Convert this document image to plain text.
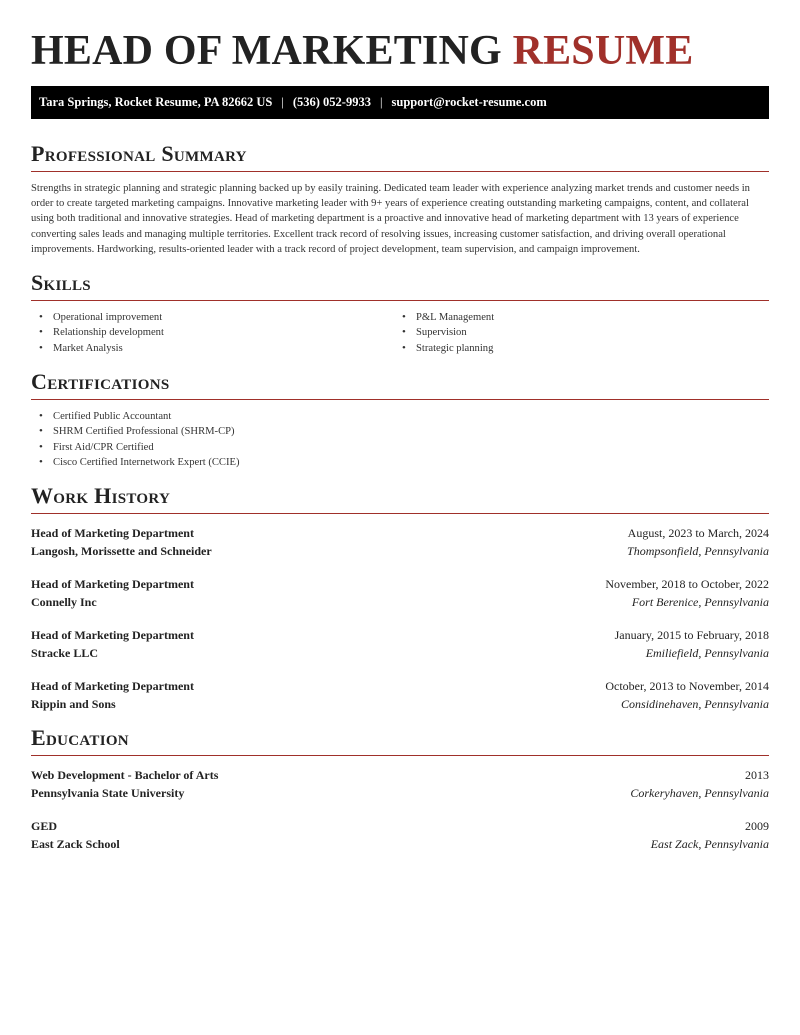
HEAD OF MARKETING RESUME
Tara Springs, Rocket Resume, PA 82662 US | (536) 052-9933 | support@rocket-resume.com
Professional Summary

Strengths in strategic planning and strategic planning backed up by easily training. Dedicated team leader with experience analyzing market trends and customer needs in order to create targeted marketing campaigns. Innovative marketing leader with 9+ years of experience creating outstanding marketing campaigns, content, and collateral using both traditional and innovative strategies. Head of marketing department is a proactive and innovative head of marketing department with 13 years of experience converting sales leads and managing multiple territories. Excellent track record of resolving issues, increasing customer satisfaction, and driving overall operational improvements. Hardworking, results-oriented leader with a track record of project development, team supervision, and campaign improvement.

Skills
• Operational improvement
• Relationship development
• Market Analysis
• P&L Management
• Supervision
• Strategic planning
Certifications
• Certified Public Accountant
• SHRM Certified Professional (SHRM-CP)
• First Aid/CPR Certified
• Cisco Certified Internetwork Expert (CCIE)
Work History
Head of Marketing Department	August, 2023 to March, 2024
Langosh, Morissette and Schneider	Thompsonfield, Pennsylvania
Head of Marketing Department	November, 2018 to October, 2022
Connelly Inc	Fort Berenice, Pennsylvania
Head of Marketing Department	January, 2015 to February, 2018
Stracke LLC	Emiliefield, Pennsylvania
Head of Marketing Department	October, 2013 to November, 2014
Rippin and Sons	Considinehaven, Pennsylvania
Education
Web Development - Bachelor of Arts	2013
Pennsylvania State University	Corkeryhaven, Pennsylvania
GED	2009
East Zack School	East Zack, Pennsylvania
